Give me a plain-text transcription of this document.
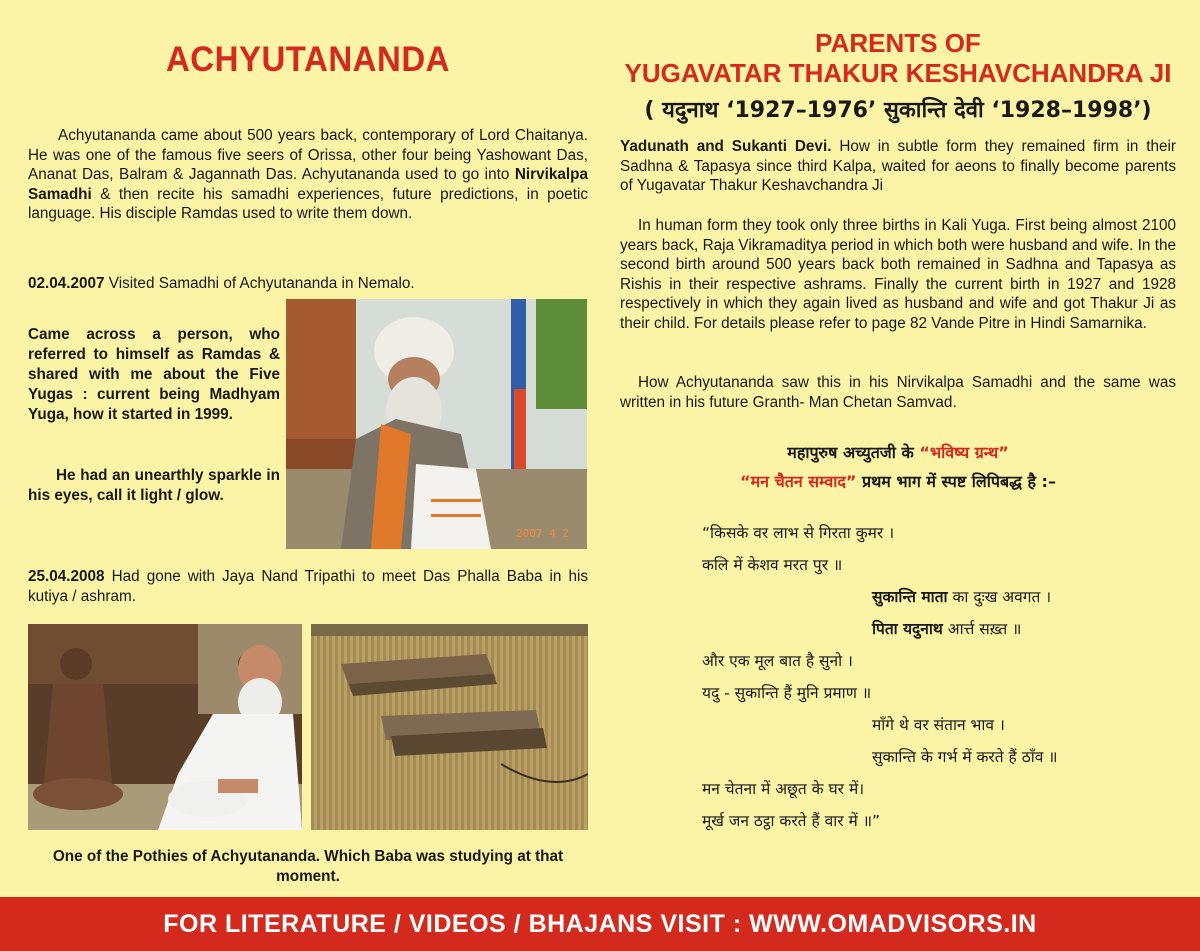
ACHYUTANANDA

Achyutananda came about 500 years back, contemporary of Lord Chaitanya. He was one of the famous five seers of Orissa, other four being Yashowant Das, Ananat Das, Balram & Jagannath Das. Achyutananda used to go into Nirvikalpa Samadhi & then recite his samadhi experiences, future predictions, in poetic language. His disciple Ramdas used to write them down.

02.04.2007 Visited Samadhi of Achyutananda in Nemalo.

Came across a person, who referred to himself as Ramdas & shared with me about the Five Yugas : current being Madhyam Yuga, how it started in 1999.
He had an unearthly sparkle in his eyes, call it light / glow.
2007 4 2

25.04.2008 Had gone with Jaya Nand Tripathi to meet Das Phalla Baba in his kutiya / ashram.

One of the Pothies of Achyutananda. Which Baba was studying at that moment.
PARENTS OF
YUGAVATAR THAKUR KESHAVCHANDRA JI
( यदुनाथ ‘1927–1976’ सुकान्ति देवी ‘1928–1998’)

Yadunath and Sukanti Devi. How in subtle form they remained firm in their Sadhna & Tapasya since third Kalpa, waited for aeons to finally become parents of Yugavatar Thakur Keshavchandra Ji

In human form they took only three births in Kali Yuga. First being almost 2100 years back, Raja Vikramaditya period in which both were husband and wife. In the second birth around 500 years back both remained in Sadhna and Tapasya as Rishis in their respective ashrams. Finally the current birth in 1927 and 1928 respectively in which they again lived as husband and wife and got Thakur Ji as their child. For details please refer to page 82 Vande Pitre in Hindi Samarnika.

How Achyutananda saw this in his Nirvikalpa Samadhi and the same was written in his future Granth- Man Chetan Samvad.

महापुरुष अच्युतजी के “भविष्य ग्रन्थ”
“मन चैतन सम्वाद” प्रथम भाग में स्पष्ट लिपिबद्ध है :–
“किसके वर लाभ से गिरता कुमर ।
कलि में केशव मरत पुर ॥
सुकान्ति माता का दुःख अवगत ।
पिता यदुनाथ आर्त्त सख़्त ॥
और एक मूल बात है सुनो ।
यदु - सुकान्ति हैं मुनि प्रमाण ॥
माँगे थे वर संतान भाव ।
सुकान्ति के गर्भ में करते हैं ठाँव ॥
मन चेतना में अछूत के घर में।
मूर्ख जन ठट्ठा करते हैं वार में ॥”
FOR LITERATURE / VIDEOS / BHAJANS VISIT : WWW.OMADVISORS.IN
